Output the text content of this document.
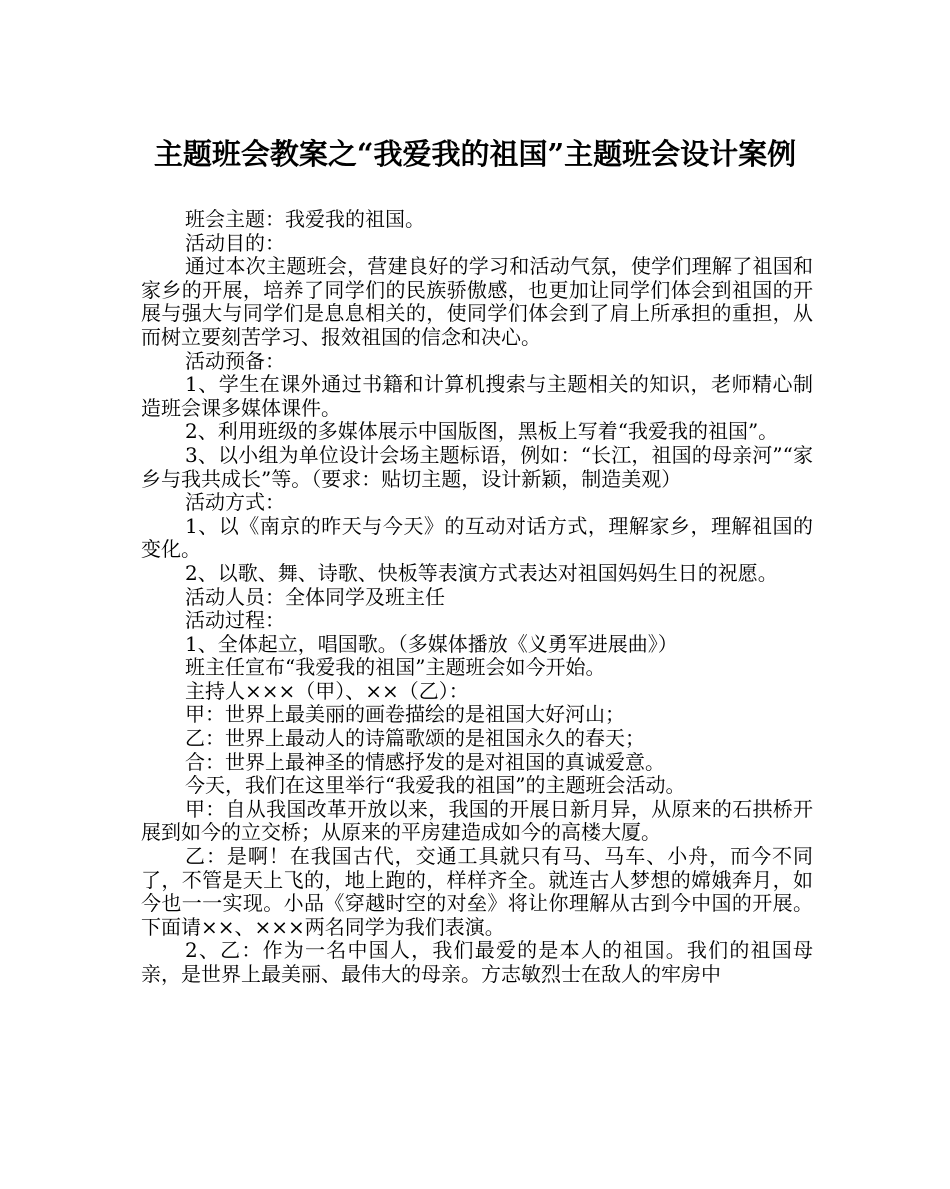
主题班会教案之“我爱我的祖国”主题班会设计案例

班会主题：我爱我的祖国。

活动目的：

通过本次主题班会，营建良好的学习和活动气氛，使学们理解了祖国和家乡的开展，培养了同学们的民族骄傲感，也更加让同学们体会到祖国的开展与强大与同学们是息息相关的，使同学们体会到了肩上所承担的重担，从而树立要刻苦学习、报效祖国的信念和决心。

活动预备：

1、学生在课外通过书籍和计算机搜索与主题相关的知识，老师精心制造班会课多媒体课件。

2、利用班级的多媒体展示中国版图，黑板上写着“我爱我的祖国”。

3、以小组为单位设计会场主题标语，例如：“长江，祖国的母亲河”“家乡与我共成长”等。（要求：贴切主题，设计新颖，制造美观）

活动方式：

1、以《南京的昨天与今天》的互动对话方式，理解家乡，理解祖国的变化。

2、以歌、舞、诗歌、快板等表演方式表达对祖国妈妈生日的祝愿。

活动人员：全体同学及班主任

活动过程：

1、全体起立，唱国歌。（多媒体播放《义勇军进展曲》）

班主任宣布“我爱我的祖国”主题班会如今开始。

主持人×××（甲）、××（乙）：

甲：世界上最美丽的画卷描绘的是祖国大好河山；

乙：世界上最动人的诗篇歌颂的是祖国永久的春天；

合：世界上最神圣的情感抒发的是对祖国的真诚爱意。

今天，我们在这里举行“我爱我的祖国”的主题班会活动。

甲：自从我国改革开放以来，我国的开展日新月异，从原来的石拱桥开展到如今的立交桥；从原来的平房建造成如今的高楼大厦。

乙：是啊！在我国古代，交通工具就只有马、马车、小舟，而今不同了，不管是天上飞的，地上跑的，样样齐全。就连古人梦想的嫦娥奔月，如今也一一实现。小品《穿越时空的对垒》将让你理解从古到今中国的开展。下面请××、×××两名同学为我们表演。

2、乙：作为一名中国人，我们最爱的是本人的祖国。我们的祖国母亲，是世界上最美丽、最伟大的母亲。方志敏烈士在敌人的牢房中
